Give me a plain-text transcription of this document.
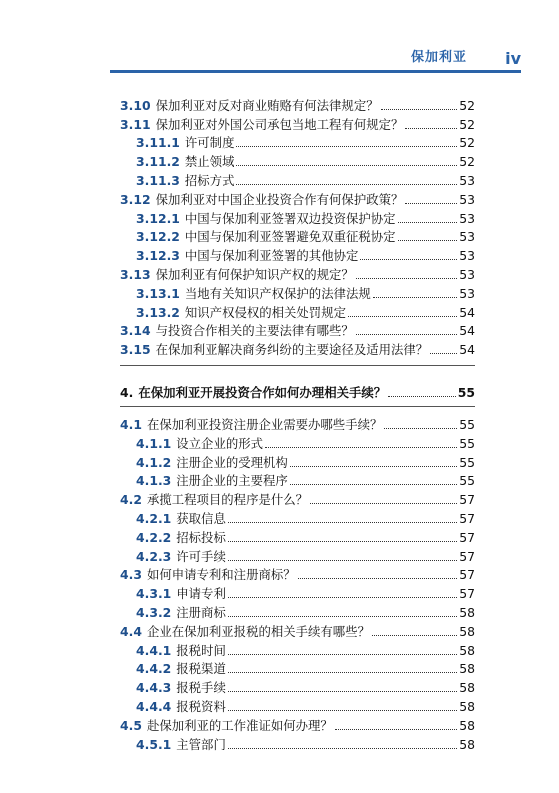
保加利亚 iv
3.10 保加利亚对反对商业贿赂有何法律规定？	52
3.11 保加利亚对外国公司承包当地工程有何规定？	52
3.11.1 许可制度	52
3.11.2 禁止领域	52
3.11.3 招标方式	53
3.12 保加利亚对中国企业投资合作有何保护政策？	53
3.12.1 中国与保加利亚签署双边投资保护协定	53
3.12.2 中国与保加利亚签署避免双重征税协定	53
3.12.3 中国与保加利亚签署的其他协定	53
3.13 保加利亚有何保护知识产权的规定？	53
3.13.1 当地有关知识产权保护的法律法规	53
3.13.2 知识产权侵权的相关处罚规定	54
3.14 与投资合作相关的主要法律有哪些？	54
3.15 在保加利亚解决商务纠纷的主要途径及适用法律？	54
4. 在保加利亚开展投资合作如何办理相关手续？	55
4.1 在保加利亚投资注册企业需要办哪些手续？	55
4.1.1 设立企业的形式	55
4.1.2 注册企业的受理机构	55
4.1.3 注册企业的主要程序	55
4.2 承揽工程项目的程序是什么？	57
4.2.1 获取信息	57
4.2.2 招标投标	57
4.2.3 许可手续	57
4.3 如何申请专利和注册商标？	57
4.3.1 申请专利	57
4.3.2 注册商标	58
4.4 企业在保加利亚报税的相关手续有哪些？	58
4.4.1 报税时间	58
4.4.2 报税渠道	58
4.4.3 报税手续	58
4.4.4 报税资料	58
4.5 赴保加利亚的工作准证如何办理？	58
4.5.1 主管部门	58
